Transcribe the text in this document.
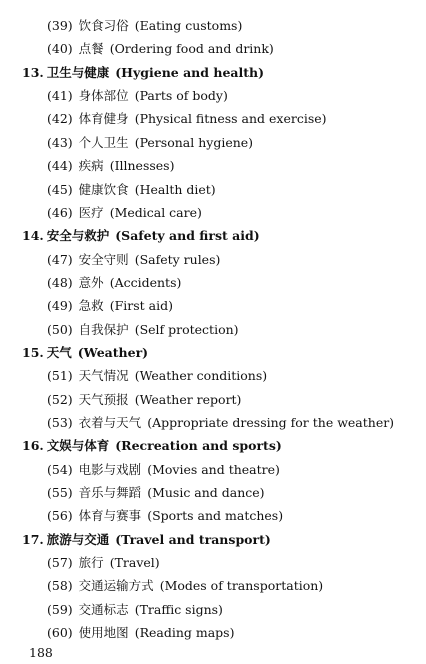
(39) 饮食习俗 (Eating customs)
(40) 点餐 (Ordering food and drink)
13. 卫生与健康 (Hygiene and health)
(41) 身体部位 (Parts of body)
(42) 体育健身 (Physical fitness and exercise)
(43) 个人卫生 (Personal hygiene)
(44) 疾病 (Illnesses)
(45) 健康饮食 (Health diet)
(46) 医疗 (Medical care)
14. 安全与救护 (Safety and first aid)
(47) 安全守则 (Safety rules)
(48) 意外 (Accidents)
(49) 急救 (First aid)
(50) 自我保护 (Self protection)
15. 天气 (Weather)
(51) 天气情况 (Weather conditions)
(52) 天气预报 (Weather report)
(53) 衣着与天气 (Appropriate dressing for the weather)
16. 文娱与体育 (Recreation and sports)
(54) 电影与戏剧 (Movies and theatre)
(55) 音乐与舞蹈 (Music and dance)
(56) 体育与赛事 (Sports and matches)
17. 旅游与交通 (Travel and transport)
(57) 旅行 (Travel)
(58) 交通运输方式 (Modes of transportation)
(59) 交通标志 (Traffic signs)
(60) 使用地图 (Reading maps)
188
